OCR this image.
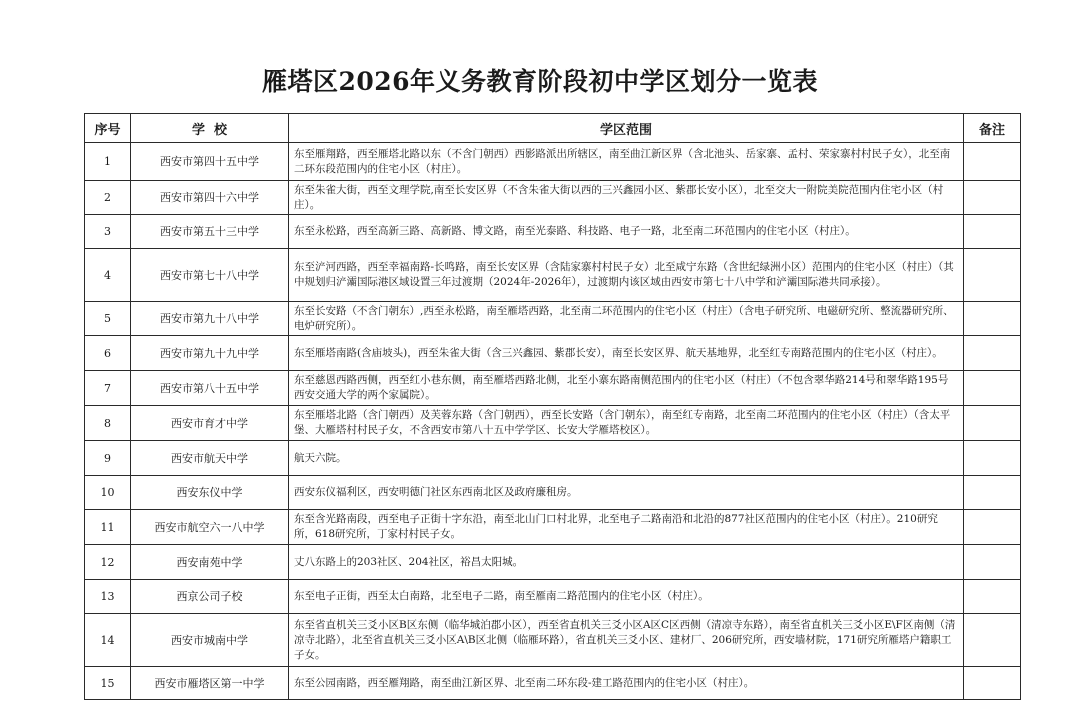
雁塔区2026年义务教育阶段初中学区划分一览表
序号	学  校	学区范围	备注
1	西安市第四十五中学	东至雁翔路，西至雁塔北路以东（不含门朝西）西影路派出所辖区，南至曲江新区界（含北池头、岳家寨、孟村、荣家寨村村民子女），北至南二环东段范围内的住宅小区（村庄）。	
2	西安市第四十六中学	东至朱雀大街，西至文理学院,南至长安区界（不含朱雀大街以西的三兴鑫园小区、紫郡长安小区），北至交大一附院美院范围内住宅小区（村庄）。	
3	西安市第五十三中学	东至永松路，西至高新三路、高新路、博文路，南至光泰路、科技路、电子一路，北至南二环范围内的住宅小区（村庄）。	
4	西安市第七十八中学	东至浐河西路，西至幸福南路-长鸣路，南至长安区界（含陆家寨村村民子女）北至咸宁东路（含世纪绿洲小区）范围内的住宅小区（村庄）（其中规划归浐灞国际港区域设置三年过渡期（2024年-2026年），过渡期内该区域由西安市第七十八中学和浐灞国际港共同承接）。	
5	西安市第九十八中学	东至长安路（不含门朝东）,西至永松路，南至雁塔西路，北至南二环范围内的住宅小区（村庄）（含电子研究所、电磁研究所、整流器研究所、电炉研究所）。	
6	西安市第九十九中学	东至雁塔南路(含庙坡头)，西至朱雀大街（含三兴鑫园、紫郡长安），南至长安区界、航天基地界，北至红专南路范围内的住宅小区（村庄）。	
7	西安市第八十五中学	东至慈恩西路西侧，西至红小巷东侧，南至雁塔西路北侧，北至小寨东路南侧范围内的住宅小区（村庄）（不包含翠华路214号和翠华路195号西安交通大学的两个家属院）。	
8	西安市育才中学	东至雁塔北路（含门朝西）及芙蓉东路（含门朝西），西至长安路（含门朝东），南至红专南路，北至南二环范围内的住宅小区（村庄）（含太平堡、大雁塔村村民子女，不含西安市第八十五中学学区、长安大学雁塔校区）。	
9	西安市航天中学	航天六院。	
10	西安东仪中学	西安东仪福利区，西安明德门社区东西南北区及政府廉租房。	
11	西安市航空六一八中学	东至含光路南段，西至电子正街十字东沿，南至北山门口村北界，北至电子二路南沿和北沿的877社区范围内的住宅小区（村庄）。210研究所，618研究所，丁家村村民子女。	
12	西安南苑中学	丈八东路上的203社区、204社区，裕昌太阳城。	
13	西京公司子校	东至电子正街，西至太白南路，北至电子二路，南至雁南二路范围内的住宅小区（村庄）。	
14	西安市城南中学	东至省直机关三爻小区B区东侧（临华城泊郡小区），西至省直机关三爻小区A区C区西侧（清凉寺东路），南至省直机关三爻小区E\F区南侧（清凉寺北路），北至省直机关三爻小区A\B区北侧（临雁环路），省直机关三爻小区、建材厂、206研究所，西安墙材院，171研究所雁塔户籍职工子女。	
15	西安市雁塔区第一中学	东至公园南路，西至雁翔路，南至曲江新区界、北至南二环东段-建工路范围内的住宅小区（村庄）。	
